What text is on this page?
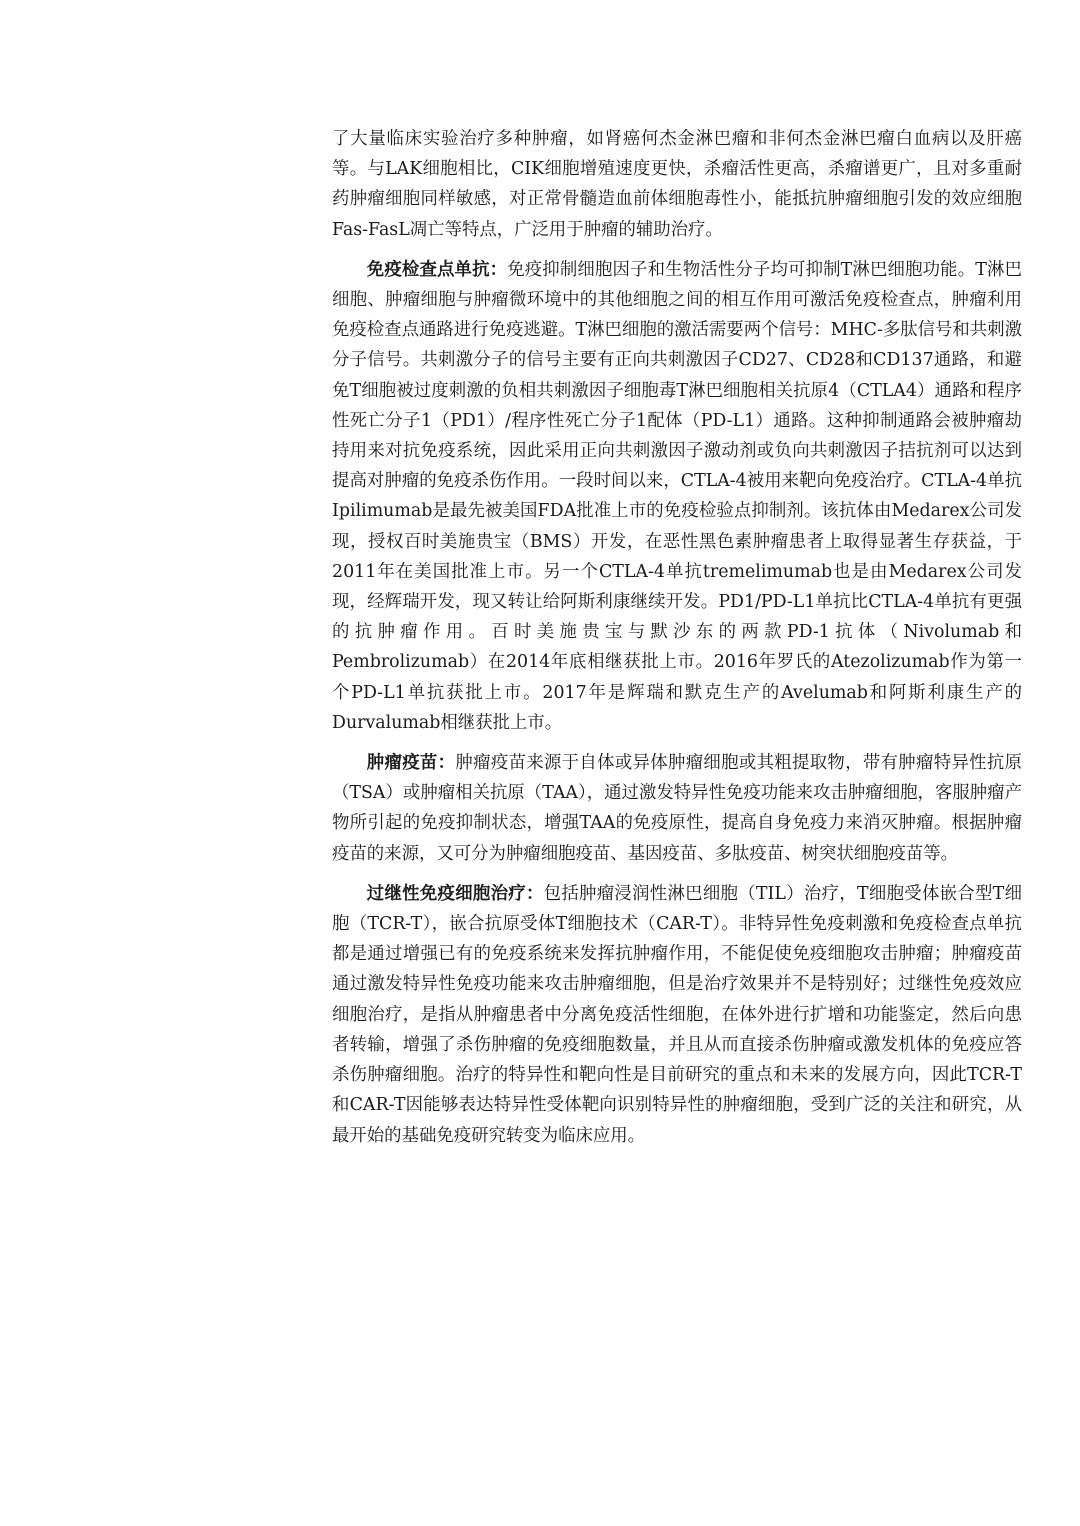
了大量临床实验治疗多种肿瘤，如肾癌何杰金淋巴瘤和非何杰金淋巴瘤白血病以及肝癌等。与LAK细胞相比，CIK细胞增殖速度更快，杀瘤活性更高，杀瘤谱更广，且对多重耐药肿瘤细胞同样敏感，对正常骨髓造血前体细胞毒性小，能抵抗肿瘤细胞引发的效应细胞Fas-FasL凋亡等特点，广泛用于肿瘤的辅助治疗。

免疫检查点单抗：免疫抑制细胞因子和生物活性分子均可抑制T淋巴细胞功能。T淋巴细胞、肿瘤细胞与肿瘤微环境中的其他细胞之间的相互作用可激活免疫检查点，肿瘤利用免疫检查点通路进行免疫逃避。T淋巴细胞的激活需要两个信号：MHC-多肽信号和共刺激分子信号。共刺激分子的信号主要有正向共刺激因子CD27、CD28和CD137通路，和避免T细胞被过度刺激的负相共刺激因子细胞毒T淋巴细胞相关抗原4（CTLA4）通路和程序性死亡分子1（PD1）/程序性死亡分子1配体（PD-L1）通路。这种抑制通路会被肿瘤劫持用来对抗免疫系统，因此采用正向共刺激因子激动剂或负向共刺激因子拮抗剂可以达到提高对肿瘤的免疫杀伤作用。一段时间以来，CTLA-4被用来靶向免疫治疗。CTLA-4单抗Ipilimumab是最先被美国FDA批准上市的免疫检验点抑制剂。该抗体由Medarex公司发现，授权百时美施贵宝（BMS）开发，在恶性黑色素肿瘤患者上取得显著生存获益，于2011年在美国批准上市。另一个CTLA-4单抗tremelimumab也是由Medarex公司发现，经辉瑞开发，现又转让给阿斯利康继续开发。PD1/PD-L1单抗比CTLA-4单抗有更强的抗肿瘤作用。百时美施贵宝与默沙东的两款PD-1抗体（Nivolumab和Pembrolizumab）在2014年底相继获批上市。2016年罗氏的Atezolizumab作为第一个PD-L1单抗获批上市。2017年是辉瑞和默克生产的Avelumab和阿斯利康生产的Durvalumab相继获批上市。

肿瘤疫苗：肿瘤疫苗来源于自体或异体肿瘤细胞或其粗提取物，带有肿瘤特异性抗原（TSA）或肿瘤相关抗原（TAA），通过激发特异性免疫功能来攻击肿瘤细胞，客服肿瘤产物所引起的免疫抑制状态，增强TAA的免疫原性，提高自身免疫力来消灭肿瘤。根据肿瘤疫苗的来源，又可分为肿瘤细胞疫苗、基因疫苗、多肽疫苗、树突状细胞疫苗等。

过继性免疫细胞治疗：包括肿瘤浸润性淋巴细胞（TIL）治疗，T细胞受体嵌合型T细胞（TCR-T），嵌合抗原受体T细胞技术（CAR-T）。非特异性免疫刺激和免疫检查点单抗都是通过增强已有的免疫系统来发挥抗肿瘤作用，不能促使免疫细胞攻击肿瘤；肿瘤疫苗通过激发特异性免疫功能来攻击肿瘤细胞，但是治疗效果并不是特别好；过继性免疫效应细胞治疗，是指从肿瘤患者中分离免疫活性细胞，在体外进行扩增和功能鉴定，然后向患者转输，增强了杀伤肿瘤的免疫细胞数量，并且从而直接杀伤肿瘤或激发机体的免疫应答杀伤肿瘤细胞。治疗的特异性和靶向性是目前研究的重点和未来的发展方向，因此TCR-T和CAR-T因能够表达特异性受体靶向识别特异性的肿瘤细胞，受到广泛的关注和研究，从最开始的基础免疫研究转变为临床应用。
